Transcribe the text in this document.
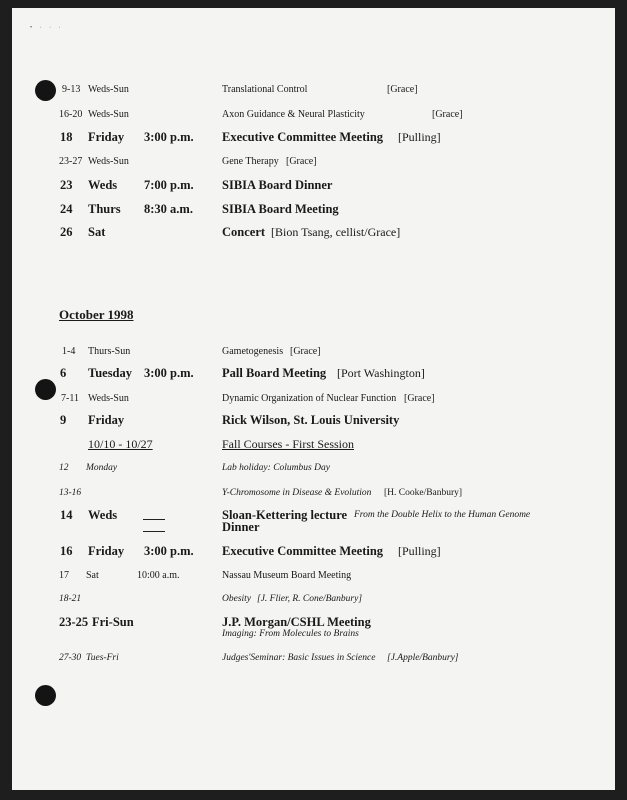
• · · ·
9-13 Weds-Sun	Translational Control	[Grace]
16-20 Weds-Sun	Axon Guidance & Neural Plasticity	[Grace]
18 Friday 3:00 p.m. Executive Committee Meeting [Pulling]
23-27 Weds-Sun	Gene Therapy [Grace]
23 Weds 7:00 p.m. SIBIA Board Dinner
24 Thurs 8:30 a.m. SIBIA Board Meeting
26 Sat	Concert [Bion Tsang, cellist/Grace]
October 1998
1-4 Thurs-Sun	Gametogenesis [Grace]
6 Tuesday 3:00 p.m. Pall Board Meeting [Port Washington]
7-11 Weds-Sun	Dynamic Organization of Nuclear Function [Grace]
9 Friday	Rick Wilson, St. Louis University
10/10 - 10/27	Fall Courses - First Session
12 Monday	Lab holiday: Columbus Day
13-16	Y-Chromosome in Disease & Evolution [H. Cooke/Banbury]
14 Weds	Sloan-Kettering lecture From the Double Helix to the Human Genome
Dinner
16 Friday 3:00 p.m. Executive Committee Meeting [Pulling]
17 Sat	10:00 a.m.	Nassau Museum Board Meeting
18-21	Obesity [J. Flier, R. Cone/Banbury]
23-25 Fri-Sun	J.P. Morgan/CSHL Meeting
Imaging: From Molecules to Brains
27-30 Tues-Fri	Judges'Seminar: Basic Issues in Science [J.Apple/Banbury]
